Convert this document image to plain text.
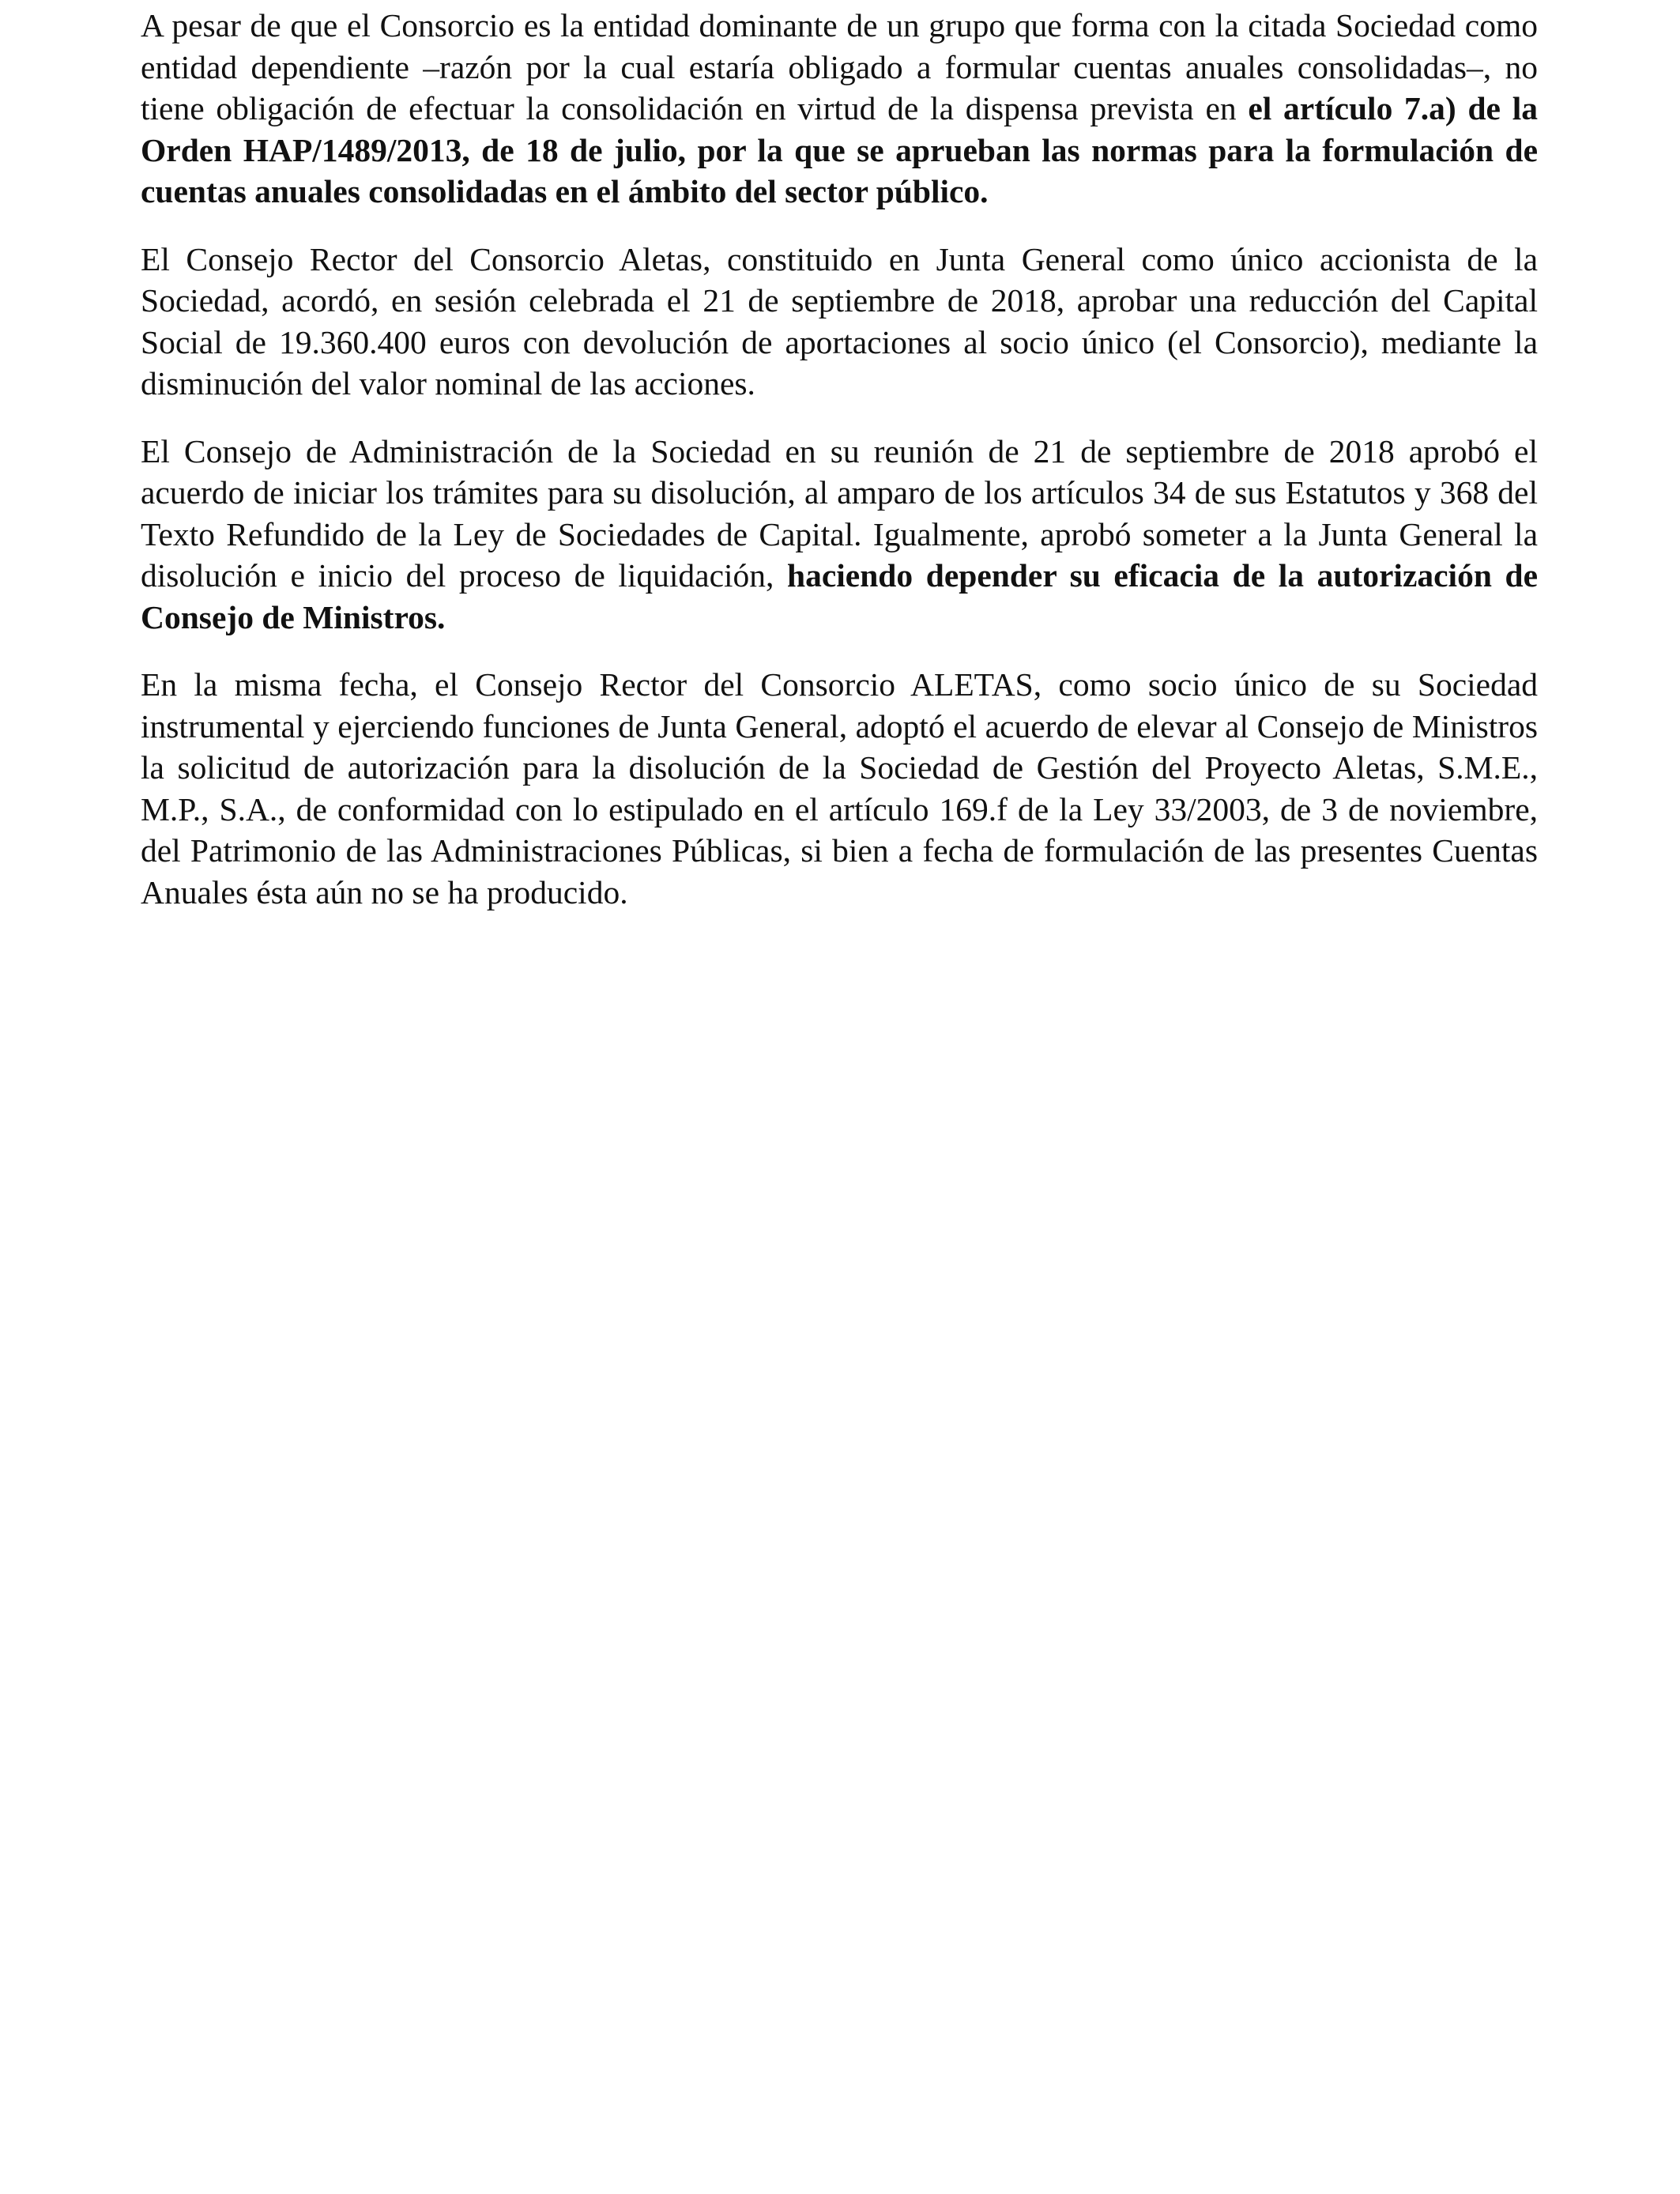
A pesar de que el Consorcio es la entidad dominante de un grupo que forma con la citada Sociedad como entidad dependiente –razón por la cual estaría obligado a formular cuentas anuales consolidadas–, no tiene obligación de efectuar la consolidación en virtud de la dispensa prevista en el artículo 7.a) de la Orden HAP/1489/2013, de 18 de julio, por la que se aprueban las normas para la formulación de cuentas anuales consolidadas en el ámbito del sector público.

El Consejo Rector del Consorcio Aletas, constituido en Junta General como único accionista de la Sociedad, acordó, en sesión celebrada el 21 de septiembre de 2018, aprobar una reducción del Capital Social de 19.360.400 euros con devolución de aportaciones al socio único (el Consorcio), mediante la disminución del valor nominal de las acciones.

El Consejo de Administración de la Sociedad en su reunión de 21 de septiembre de 2018 aprobó el acuerdo de iniciar los trámites para su disolución, al amparo de los artículos 34 de sus Estatutos y 368 del Texto Refundido de la Ley de Sociedades de Capital. Igualmente, aprobó someter a la Junta General la disolución e inicio del proceso de liquidación, haciendo depender su eficacia de la autorización de Consejo de Ministros.

En la misma fecha, el Consejo Rector del Consorcio ALETAS, como socio único de su Sociedad instrumental y ejerciendo funciones de Junta General, adoptó el acuerdo de elevar al Consejo de Ministros la solicitud de autorización para la disolución de la Sociedad de Gestión del Proyecto Aletas, S.M.E., M.P., S.A., de conformidad con lo estipulado en el artículo 169.f de la Ley 33/2003, de 3 de noviembre, del Patrimonio de las Administraciones Públicas, si bien a fecha de formulación de las presentes Cuentas Anuales ésta aún no se ha producido.
